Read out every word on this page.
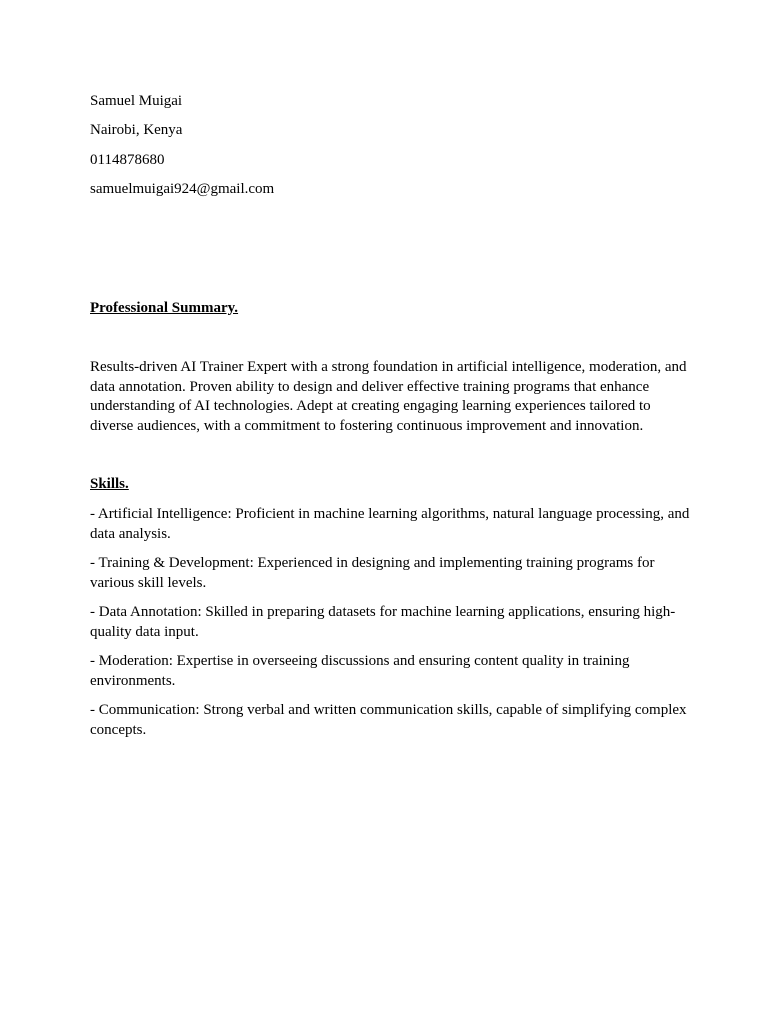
Samuel Muigai

Nairobi, Kenya

0114878680

samuelmuigai924@gmail.com

Professional Summary.

Results-driven AI Trainer Expert with a strong foundation in artificial intelligence, moderation, and data annotation. Proven ability to design and deliver effective training programs that enhance understanding of AI technologies. Adept at creating engaging learning experiences tailored to diverse audiences, with a commitment to fostering continuous improvement and innovation.

Skills.
- Artificial Intelligence: Proficient in machine learning algorithms, natural language processing, and data analysis.
- Training & Development: Experienced in designing and implementing training programs for various skill levels.
- Data Annotation: Skilled in preparing datasets for machine learning applications, ensuring high-quality data input.
- Moderation: Expertise in overseeing discussions and ensuring content quality in training environments.
- Communication: Strong verbal and written communication skills, capable of simplifying complex concepts.
